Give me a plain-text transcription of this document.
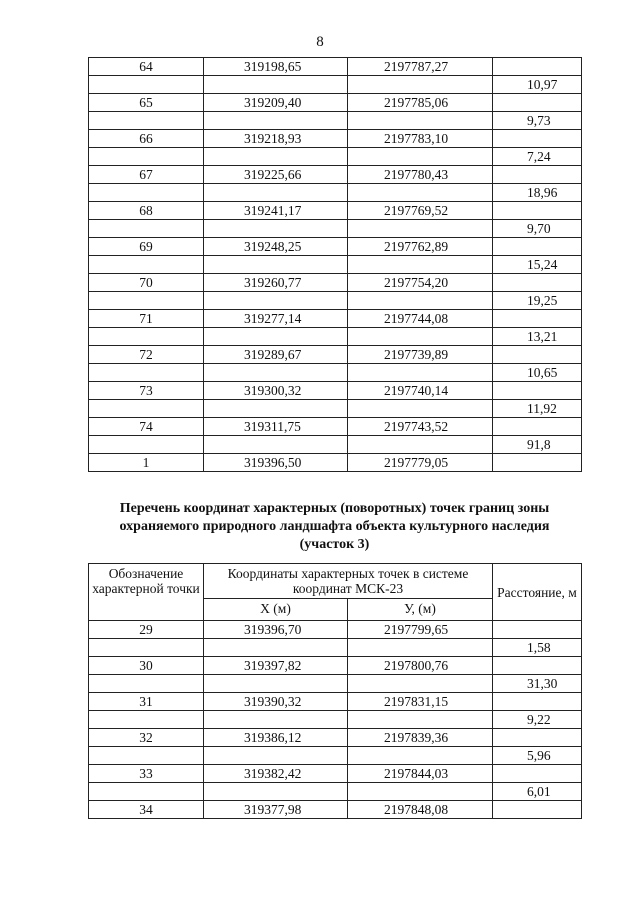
8
64	319198,65	2197787,27	
			10,97
65	319209,40	2197785,06	
			9,73
66	319218,93	2197783,10	
			7,24
67	319225,66	2197780,43	
			18,96
68	319241,17	2197769,52	
			9,70
69	319248,25	2197762,89	
			15,24
70	319260,77	2197754,20	
			19,25
71	319277,14	2197744,08	
			13,21
72	319289,67	2197739,89	
			10,65
73	319300,32	2197740,14	
			11,92
74	319311,75	2197743,52	
			91,8
1	319396,50	2197779,05	
Перечень координат характерных (поворотных) точек границ зоны
охраняемого природного ландшафта объекта культурного наследия
(участок 3)
Обозначение характерной точки	Координаты характерных точек в системе координат МСК-23		Расстояние, м
	X (м)	У, (м)	
29	319396,70	2197799,65	
			1,58
30	319397,82	2197800,76	
			31,30
31	319390,32	2197831,15	
			9,22
32	319386,12	2197839,36	
			5,96
33	319382,42	2197844,03	
			6,01
34	319377,98	2197848,08	
